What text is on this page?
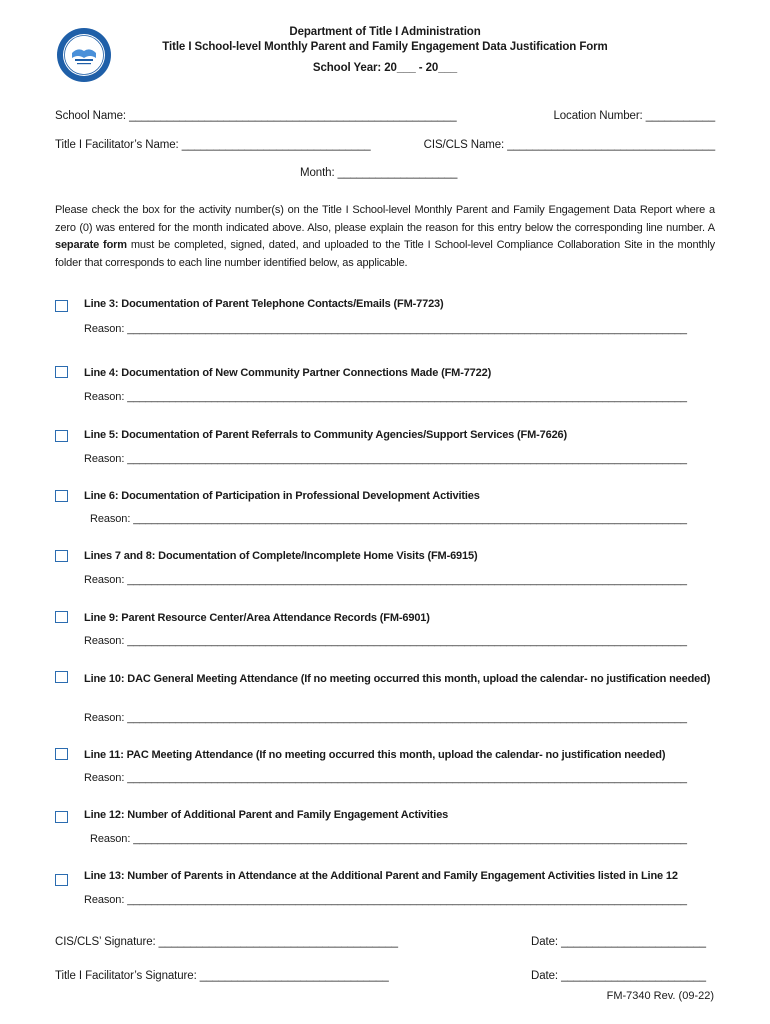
Department of Title I Administration
Title I School-level Monthly Parent and Family Engagement Data Justification Form
School Year: 20___ - 20___
School Name: ____________________________________________________	Location Number: ___________
Title I Facilitator’s Name: ______________________________	CIS/CLS Name: _________________________________
Month: ___________________
Please check the box for the activity number(s) on the Title I School-level Monthly Parent and Family Engagement Data Report where a zero (0) was entered for the month indicated above. Also, please explain the reason for this entry below the corresponding line number. A separate form must be completed, signed, dated, and uploaded to the Title I School-level Compliance Collaboration Site in the monthly folder that corresponds to each line number identified below, as applicable.
Line 3: Documentation of Parent Telephone Contacts/Emails (FM-7723)
Reason: _____________________________________________________________________________________________
Line 4: Documentation of New Community Partner Connections Made (FM-7722)
Reason: _____________________________________________________________________________________________
Line 5: Documentation of Parent Referrals to Community Agencies/Support Services (FM-7626)
Reason: _____________________________________________________________________________________________
Line 6: Documentation of Participation in Professional Development Activities
Reason: ____________________________________________________________________________________________
Lines 7 and 8: Documentation of Complete/Incomplete Home Visits (FM-6915)
Reason: _____________________________________________________________________________________________
Line 9: Parent Resource Center/Area Attendance Records (FM-6901)
Reason: _____________________________________________________________________________________________
Line 10: DAC General Meeting Attendance (If no meeting occurred this month, upload the calendar- no justification needed)
Reason: _____________________________________________________________________________________________
Line 11: PAC Meeting Attendance (If no meeting occurred this month, upload the calendar- no justification needed)
Reason: _____________________________________________________________________________________________
Line 12: Number of Additional Parent and Family Engagement Activities
Reason: ____________________________________________________________________________________________
Line 13: Number of Parents in Attendance at the Additional Parent and Family Engagement Activities listed in Line 12
Reason: _____________________________________________________________________________________________
CIS/CLS’ Signature: ______________________________________	Date: _______________________
Title I Facilitator’s Signature: ______________________________	Date: _______________________
FM-7340 Rev. (09-22)
